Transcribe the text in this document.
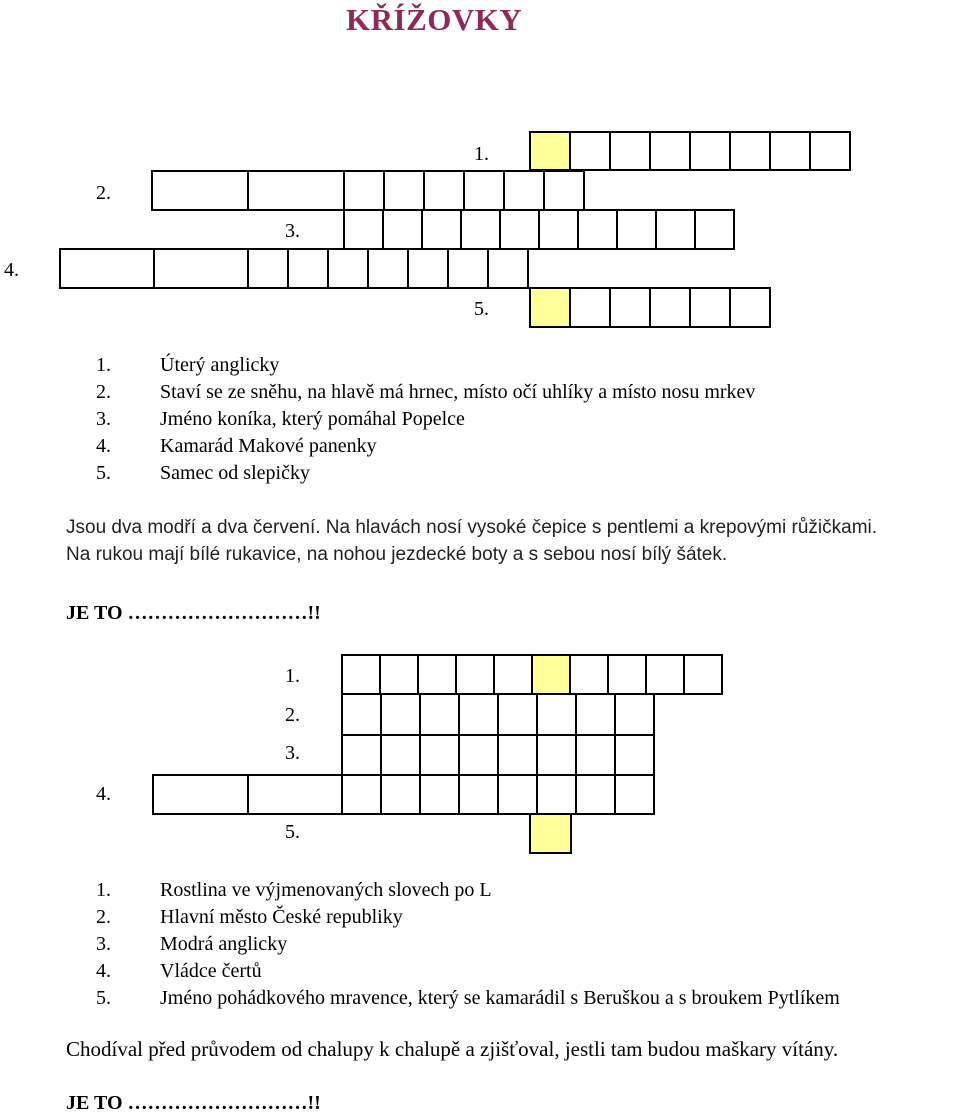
KŘÍŽOVKY
1.
2.
3.
4.
5.
1. Úterý anglicky
2. Staví se ze sněhu, na hlavě má hrnec, místo očí uhlíky a místo nosu mrkev
3. Jméno koníka, který pomáhal Popelce
4. Kamarád Makové panenky
5. Samec od slepičky
Jsou dva modří a dva červení. Na hlavách nosí vysoké čepice s pentlemi a krepovými růžičkami. Na rukou mají bílé rukavice, na nohou jezdecké boty a s sebou nosí bílý šátek.
JE TO ………………………!!
1.
2.
3.
4.
5.
1. Rostlina ve výjmenovaných slovech po L
2. Hlavní město České republiky
3. Modrá anglicky
4. Vládce čertů
5. Jméno pohádkového mravence, který se kamarádil s Beruškou a s broukem Pytlíkem
Chodíval před průvodem od chalupy k chalupě a zjišťoval, jestli tam budou maškary vítány.
JE TO ………………………!!
